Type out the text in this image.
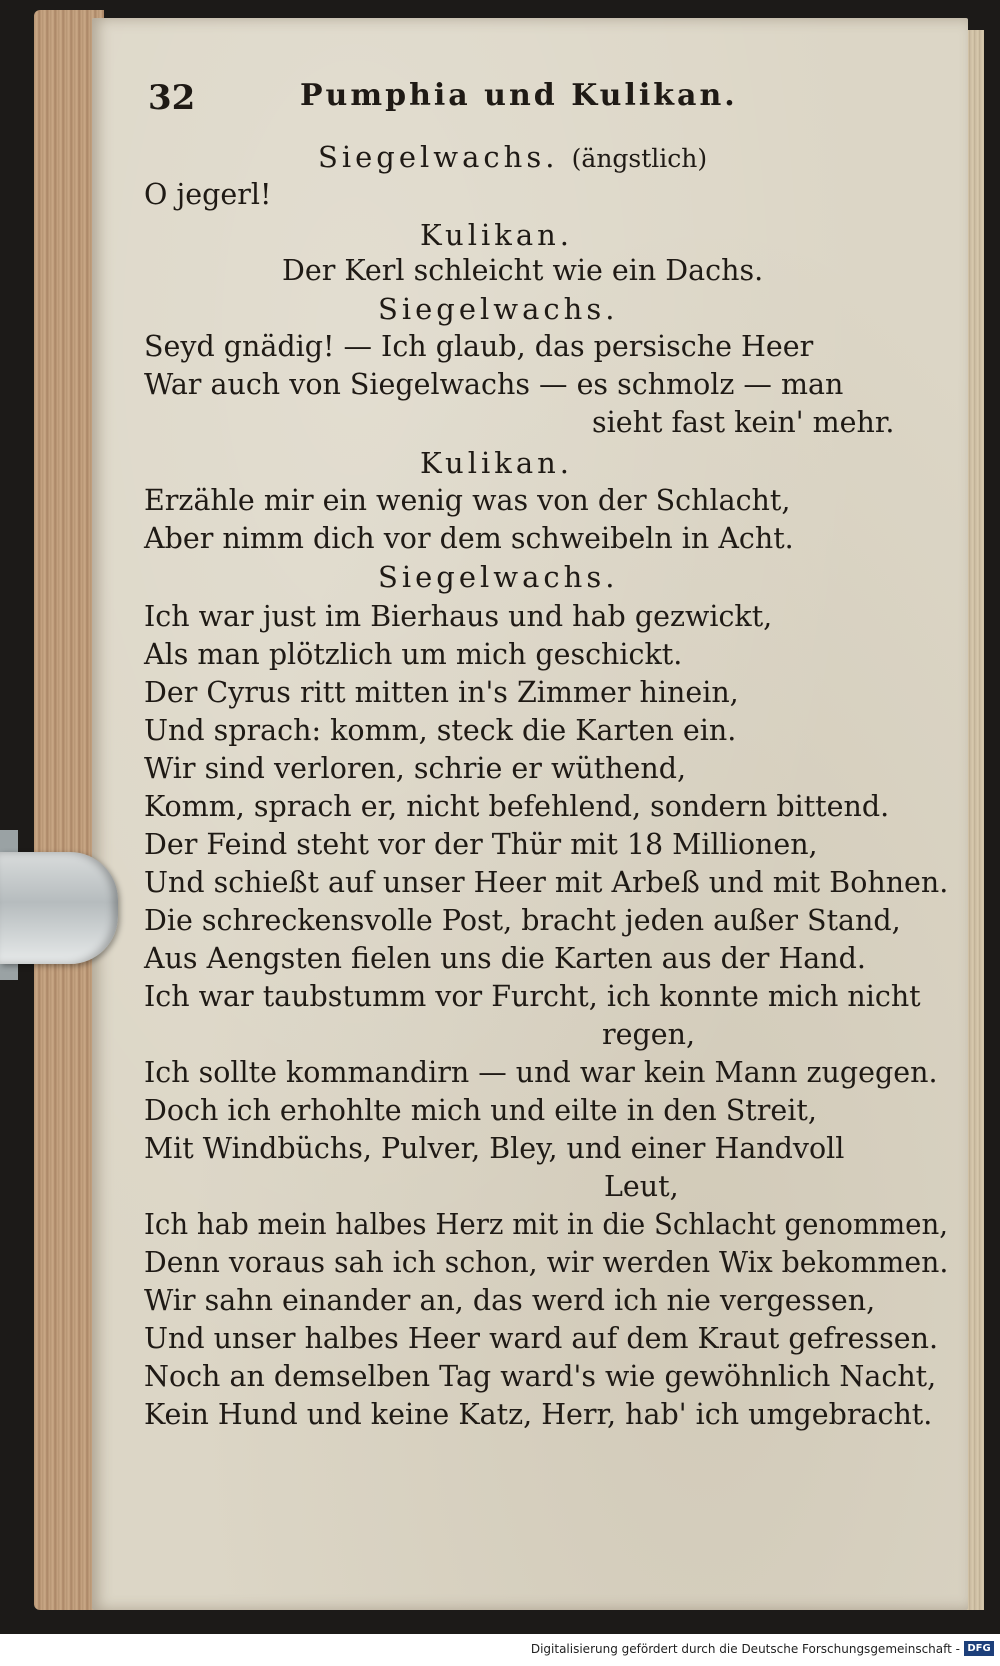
32	Pumphia und Kulikan.
Siegelwachs. (ängstlich)
O jegerl!
Kulikan.
Der Kerl schleicht wie ein Dachs.
Siegelwachs.
Seyd gnädig! — Ich glaub, das persische Heer
War auch von Siegelwachs — es schmolz — man
sieht fast kein' mehr.
Kulikan.
Erzähle mir ein wenig was von der Schlacht,
Aber nimm dich vor dem schweibeln in Acht.
Siegelwachs.
Ich war just im Bierhaus und hab gezwickt,
Als man plötzlich um mich geschickt.
Der Cyrus ritt mitten in's Zimmer hinein,
Und sprach: komm, steck die Karten ein.
Wir sind verloren, schrie er wüthend,
Komm, sprach er, nicht befehlend, sondern bittend.
Der Feind steht vor der Thür mit 18 Millionen,
Und schießt auf unser Heer mit Arbeß und mit Bohnen.
Die schreckensvolle Post, bracht jeden außer Stand,
Aus Aengsten fielen uns die Karten aus der Hand.
Ich war taubstumm vor Furcht, ich konnte mich nicht
regen,
Ich sollte kommandirn — und war kein Mann zugegen.
Doch ich erhohlte mich und eilte in den Streit,
Mit Windbüchs, Pulver, Bley, und einer Handvoll
Leut,
Ich hab mein halbes Herz mit in die Schlacht genommen,
Denn voraus sah ich schon, wir werden Wix bekommen.
Wir sahn einander an, das werd ich nie vergessen,
Und unser halbes Heer ward auf dem Kraut gefressen.
Noch an demselben Tag ward's wie gewöhnlich Nacht,
Kein Hund und keine Katz, Herr, hab' ich umgebracht.
Digitalisierung gefördert durch die Deutsche Forschungsgemeinschaft - DFG
